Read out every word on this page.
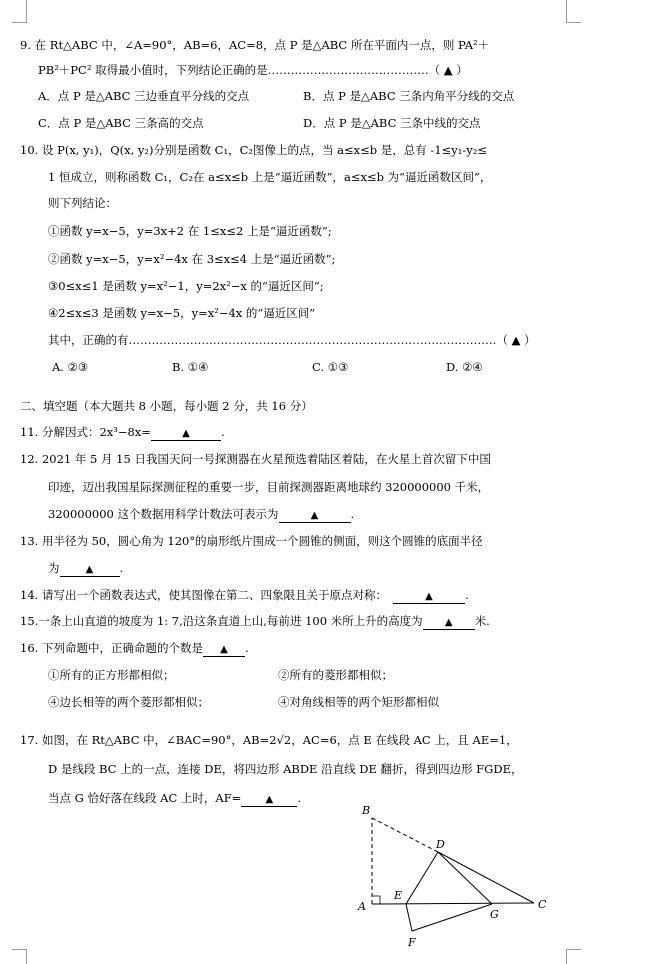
9. 在 Rt△ABC 中，∠A=90°，AB=6，AC=8，点 P 是△ABC 所在平面内一点，则 PA²＋
PB²＋PC² 取得最小值时，下列结论正确的是……………………………………（ ▲ ）
A．点 P 是△ABC 三边垂直平分线的交点	B．点 P 是△ABC 三条内角平分线的交点
C．点 P 是△ABC 三条高的交点	D．点 P 是△ABC 三条中线的交点
10. 设 P(x, y₁)，Q(x, y₂)分别是函数 C₁，C₂图像上的点，当 a≤x≤b 是，总有 -1≤y₁-y₂≤
1 恒成立，则称函数 C₁，C₂在 a≤x≤b 上是“逼近函数”，a≤x≤b 为“逼近函数区间”，
则下列结论：
①函数 y=x−5，y=3x+2 在 1≤x≤2 上是“逼近函数”;
②函数 y=x−5，y=x²−4x 在 3≤x≤4 上是“逼近函数”;
③0≤x≤1 是函数 y=x²−1，y=2x²−x 的“逼近区间”;
④2≤x≤3 是函数 y=x−5，y=x²−4x 的“逼近区间”
其中，正确的有……………………………………………………………………………………（ ▲ ）
A. ②③	B. ①④	C. ①③	D. ②④
二、填空题（本大题共 8 小题，每小题 2 分，共 16 分）
11. 分解因式：2x³−8x=	▲	.
12. 2021 年 5 月 15 日我国天问一号探测器在火星预选着陆区着陆，在火星上首次留下中国
印迹，迈出我国星际探测征程的重要一步，目前探测器距离地球约 320000000 千米，
320000000 这个数据用科学计数法可表示为	▲	.
13. 用半径为 50，圆心角为 120°的扇形纸片围成一个圆锥的侧面，则这个圆锥的底面半径
为	▲ .
14. 请写出一个函数表达式，使其图像在第二、四象限且关于原点对称：	▲	.
15.一条上山直道的坡度为 1: 7,沿这条直道上山,每前进 100 米所上升的高度为 ▲ 米.
16. 下列命题中，正确命题的个数是 ▲ .
①所有的正方形都相似；	②所有的菱形都相似；
④边长相等的两个菱形都相似；	④对角线相等的两个矩形都相似
17. 如图，在 Rt△ABC 中，∠BAC=90°，AB=2√2，AC=6，点 E 在线段 AC 上，且 AE=1，
D 是线段 BC 上的一点，连接 DE，将四边形 ABDE 沿直线 DE 翻折，得到四边形 FGDE，
当点 G 恰好落在线段 AC 上时，AF= ▲ .
B
D
A
E
G
C
F
